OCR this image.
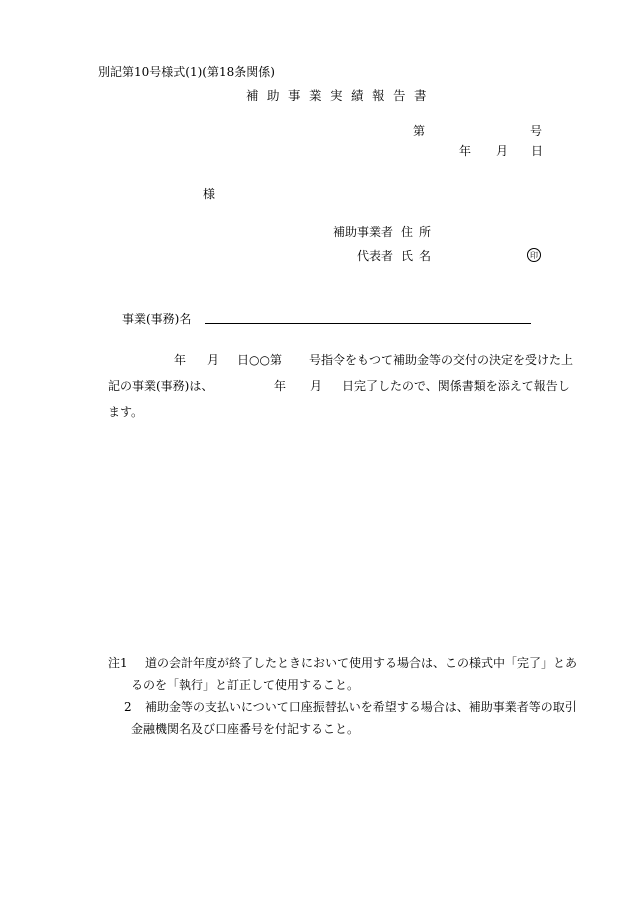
別記第10号様式(1)(第18条関係)
補助事業実績報告書
第	号
年 月 日
様
補助事業者 住所
代表者 氏名	印
事業(事務)名
年 月 日○○第 号指令をもつて補助金等の交付の決定を受けた上
記の事業(事務)は、	年 月 日完了したので、関係書類を添えて報告し
ます。
注1 道の会計年度が終了したときにおいて使用する場合は、この様式中「完了」とあ
るのを「執行」と訂正して使用すること。
2 補助金等の支払いについて口座振替払いを希望する場合は、補助事業者等の取引
金融機関名及び口座番号を付記すること。
